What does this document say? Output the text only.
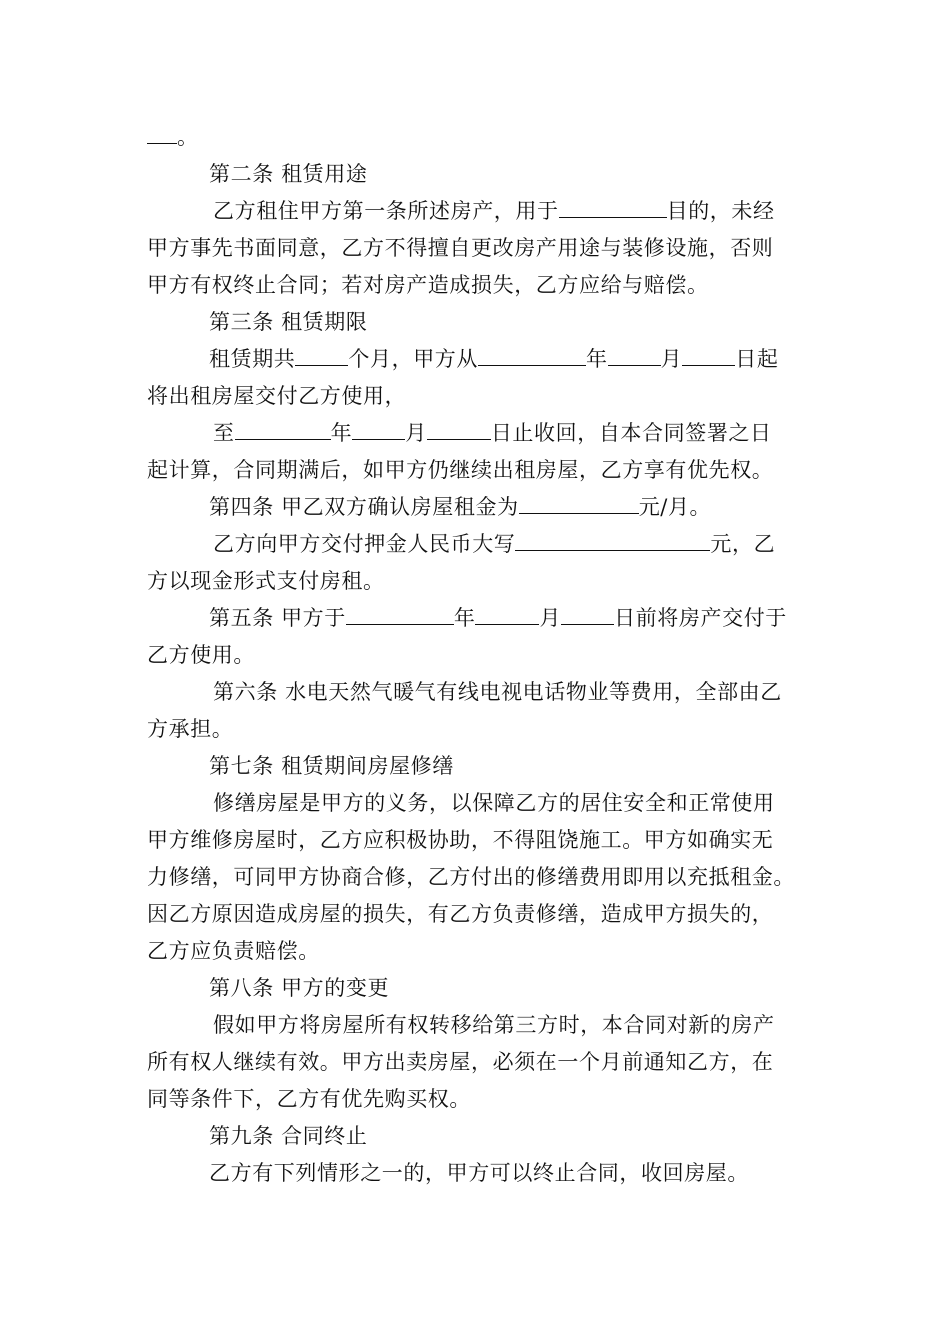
。
第二条 租赁用途
乙方租住甲方第一条所述房产，用于	目的，未经
甲方事先书面同意，乙方不得擅自更改房产用途与装修设施，否则
甲方有权终止合同；若对房产造成损失，乙方应给与赔偿。
第三条 租赁期限
租赁期共	个月，甲方从	年	月	日起
将出租房屋交付乙方使用，
至	年	月	日止收回，自本合同签署之日
起计算，合同期满后，如甲方仍继续出租房屋，乙方享有优先权。
第四条 甲乙双方确认房屋租金为	元/月。
乙方向甲方交付押金人民币大写	元，乙
方以现金形式支付房租。
第五条 甲方于	年	月	日前将房产交付于
乙方使用。
第六条 水电天然气暖气有线电视电话物业等费用，全部由乙
方承担。
第七条 租赁期间房屋修缮
修缮房屋是甲方的义务，以保障乙方的居住安全和正常使用
甲方维修房屋时，乙方应积极协助，不得阻饶施工。甲方如确实无
力修缮，可同甲方协商合修，乙方付出的修缮费用即用以充抵租金。
因乙方原因造成房屋的损失，有乙方负责修缮，造成甲方损失的，
乙方应负责赔偿。
第八条 甲方的变更
假如甲方将房屋所有权转移给第三方时，本合同对新的房产
所有权人继续有效。甲方出卖房屋，必须在一个月前通知乙方，在
同等条件下，乙方有优先购买权。
第九条 合同终止
乙方有下列情形之一的，甲方可以终止合同，收回房屋。
